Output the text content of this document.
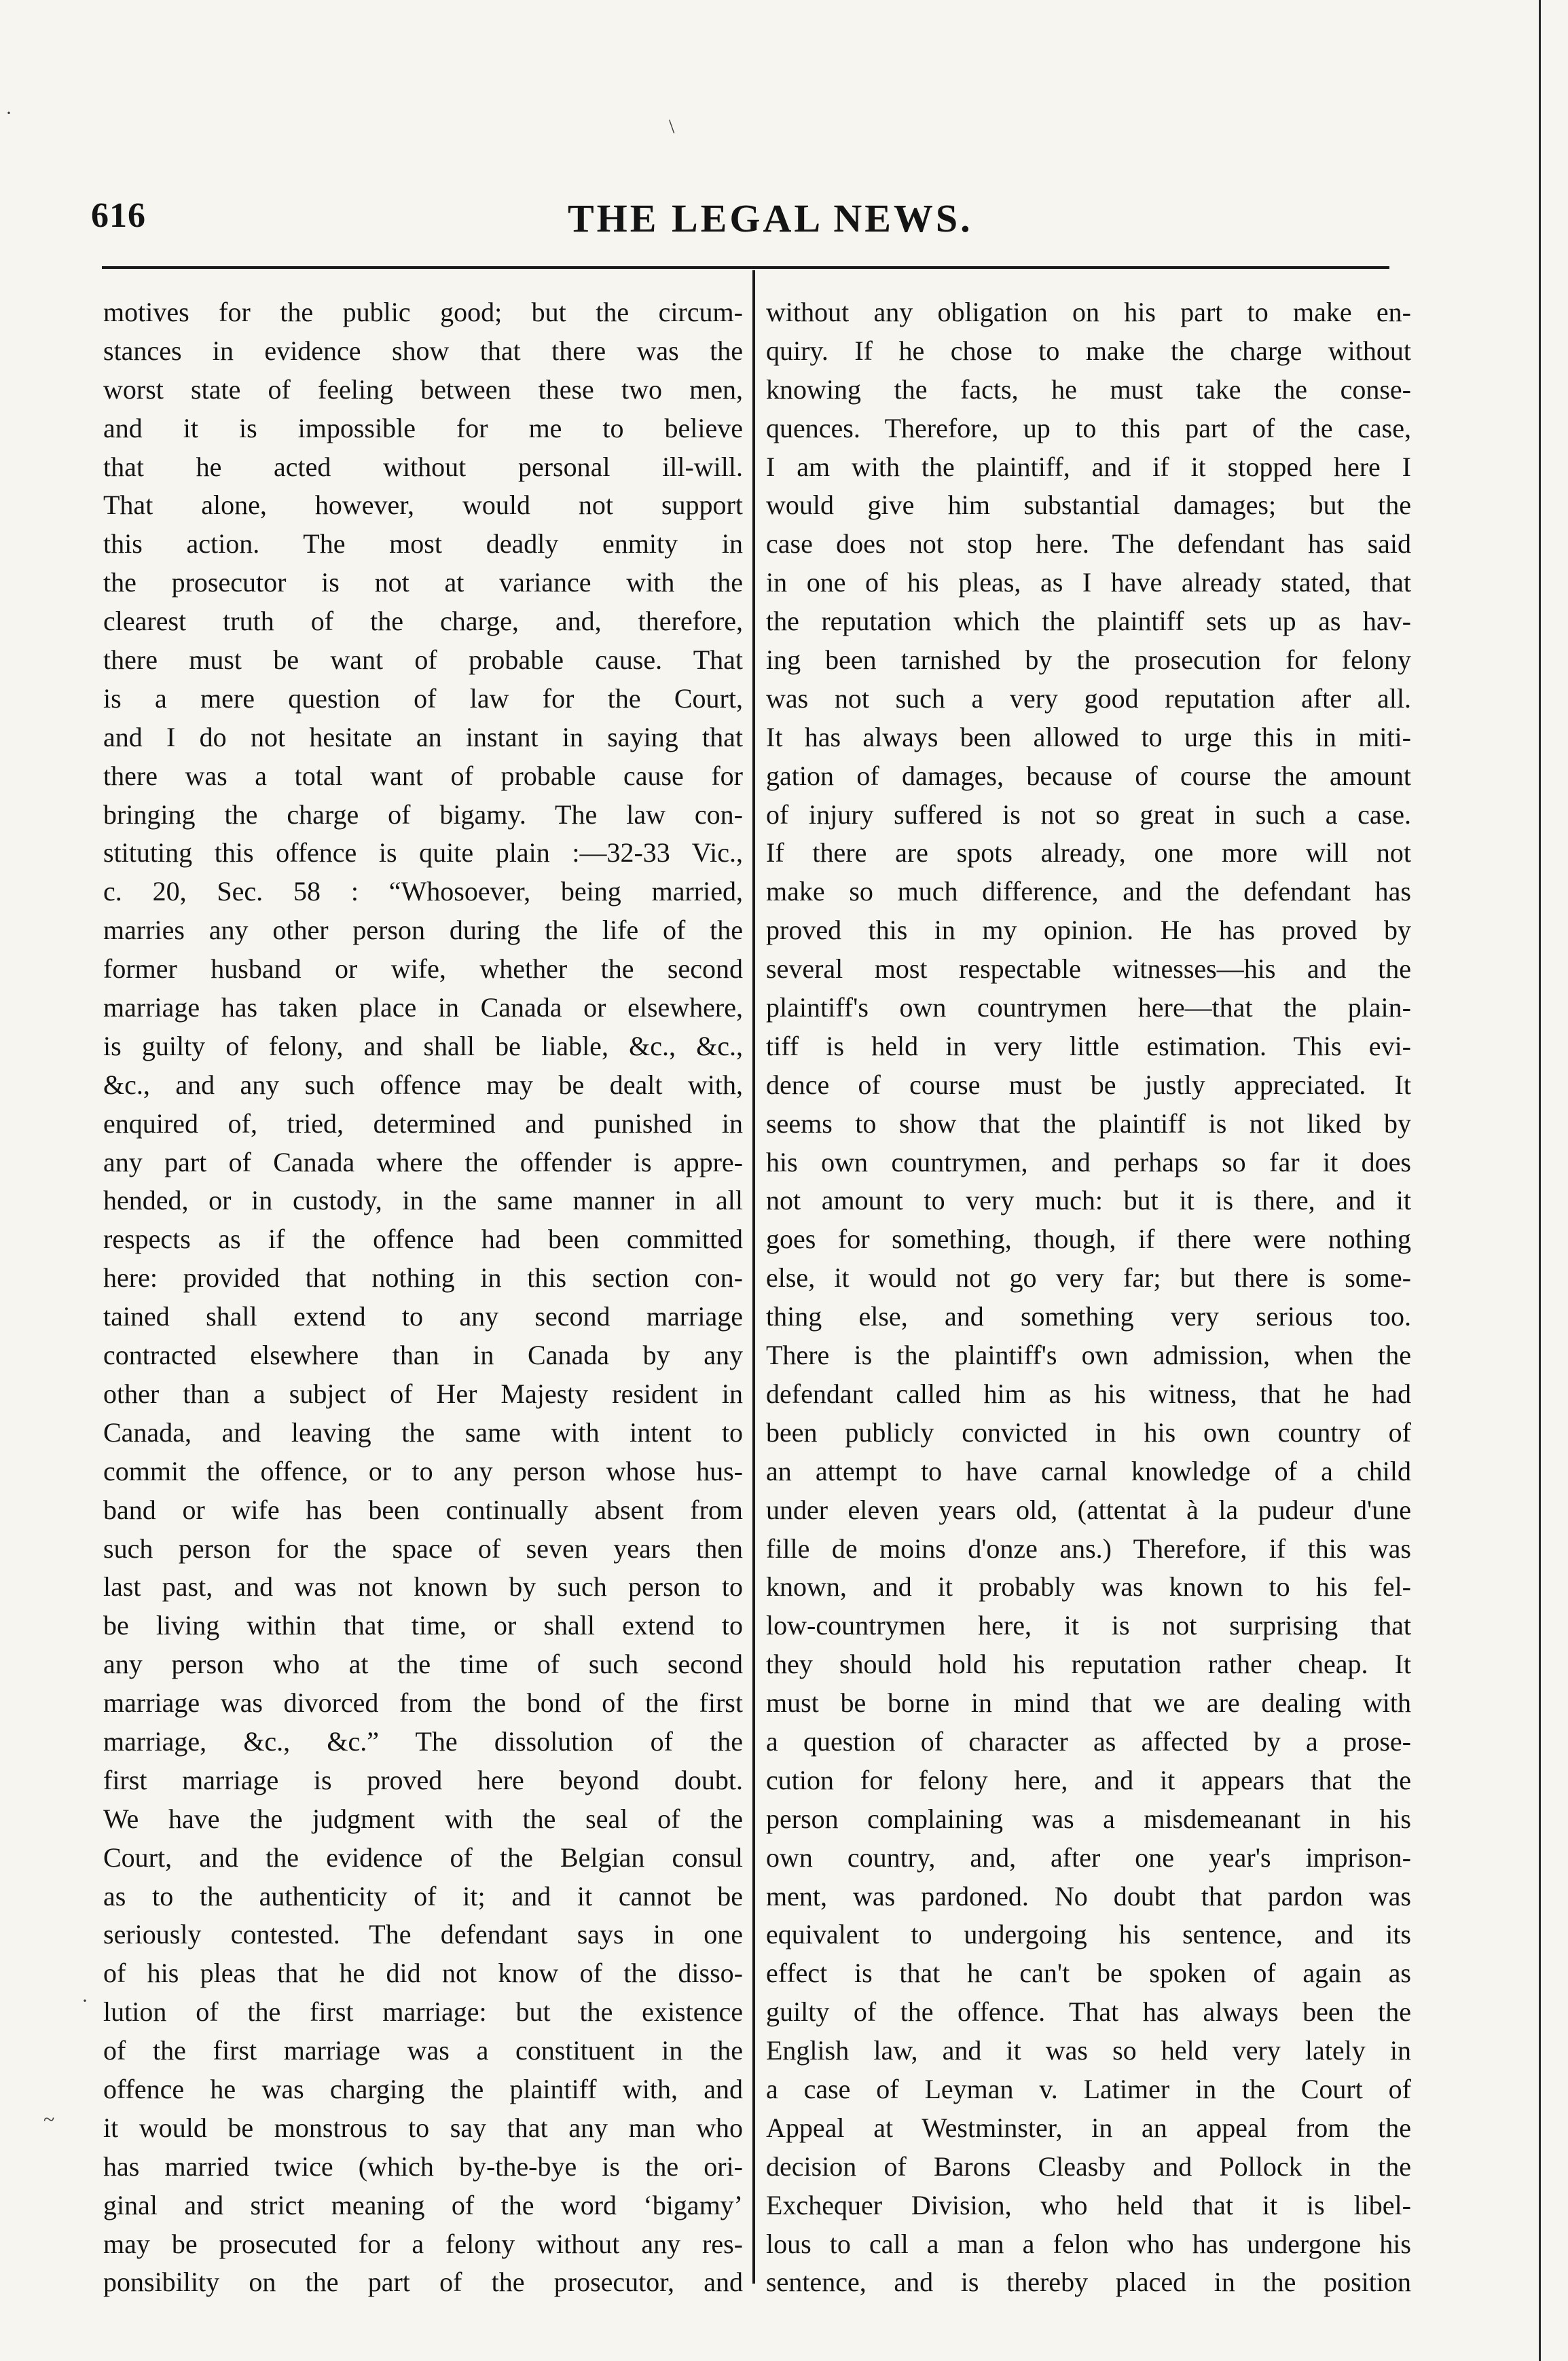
616	THE LEGAL NEWS.
·
\
·
~
motives for the public good; but the circum-
stances in evidence show that there was the
worst state of feeling between these two men,
and it is impossible for me to believe
that he acted without personal ill-will.
That alone, however, would not support
this action. The most deadly enmity in
the prosecutor is not at variance with the
clearest truth of the charge, and, therefore,
there must be want of probable cause. That
is a mere question of law for the Court,
and I do not hesitate an instant in saying that
there was a total want of probable cause for
bringing the charge of bigamy. The law con-
stituting this offence is quite plain :—32-33 Vic.,
c. 20, Sec. 58 : “Whosoever, being married,
marries any other person during the life of the
former husband or wife, whether the second
marriage has taken place in Canada or elsewhere,
is guilty of felony, and shall be liable, &c., &c.,
&c., and any such offence may be dealt with,
enquired of, tried, determined and punished in
any part of Canada where the offender is appre-
hended, or in custody, in the same manner in all
respects as if the offence had been committed
here: provided that nothing in this section con-
tained shall extend to any second marriage
contracted elsewhere than in Canada by any
other than a subject of Her Majesty resident in
Canada, and leaving the same with intent to
commit the offence, or to any person whose hus-
band or wife has been continually absent from
such person for the space of seven years then
last past, and was not known by such person to
be living within that time, or shall extend to
any person who at the time of such second
marriage was divorced from the bond of the first
marriage, &c., &c.” The dissolution of the
first marriage is proved here beyond doubt.
We have the judgment with the seal of the
Court, and the evidence of the Belgian consul
as to the authenticity of it; and it cannot be
seriously contested. The defendant says in one
of his pleas that he did not know of the disso-
lution of the first marriage: but the existence
of the first marriage was a constituent in the
offence he was charging the plaintiff with, and
it would be monstrous to say that any man who
has married twice (which by-the-bye is the ori-
ginal and strict meaning of the word ‘bigamy’
may be prosecuted for a felony without any res-
ponsibility on the part of the prosecutor, and
without any obligation on his part to make en-
quiry. If he chose to make the charge without
knowing the facts, he must take the conse-
quences. Therefore, up to this part of the case,
I am with the plaintiff, and if it stopped here I
would give him substantial damages; but the
case does not stop here. The defendant has said
in one of his pleas, as I have already stated, that
the reputation which the plaintiff sets up as hav-
ing been tarnished by the prosecution for felony
was not such a very good reputation after all.
It has always been allowed to urge this in miti-
gation of damages, because of course the amount
of injury suffered is not so great in such a case.
If there are spots already, one more will not
make so much difference, and the defendant has
proved this in my opinion. He has proved by
several most respectable witnesses—his and the
plaintiff's own countrymen here—that the plain-
tiff is held in very little estimation. This evi-
dence of course must be justly appreciated. It
seems to show that the plaintiff is not liked by
his own countrymen, and perhaps so far it does
not amount to very much: but it is there, and it
goes for something, though, if there were nothing
else, it would not go very far; but there is some-
thing else, and something very serious too.
There is the plaintiff's own admission, when the
defendant called him as his witness, that he had
been publicly convicted in his own country of
an attempt to have carnal knowledge of a child
under eleven years old, (attentat à la pudeur d'une
fille de moins d'onze ans.) Therefore, if this was
known, and it probably was known to his fel-
low-countrymen here, it is not surprising that
they should hold his reputation rather cheap. It
must be borne in mind that we are dealing with
a question of character as affected by a prose-
cution for felony here, and it appears that the
person complaining was a misdemeanant in his
own country, and, after one year's imprison-
ment, was pardoned. No doubt that pardon was
equivalent to undergoing his sentence, and its
effect is that he can't be spoken of again as
guilty of the offence. That has always been the
English law, and it was so held very lately in
a case of Leyman v. Latimer in the Court of
Appeal at Westminster, in an appeal from the
decision of Barons Cleasby and Pollock in the
Exchequer Division, who held that it is libel-
lous to call a man a felon who has undergone his
sentence, and is thereby placed in the position
